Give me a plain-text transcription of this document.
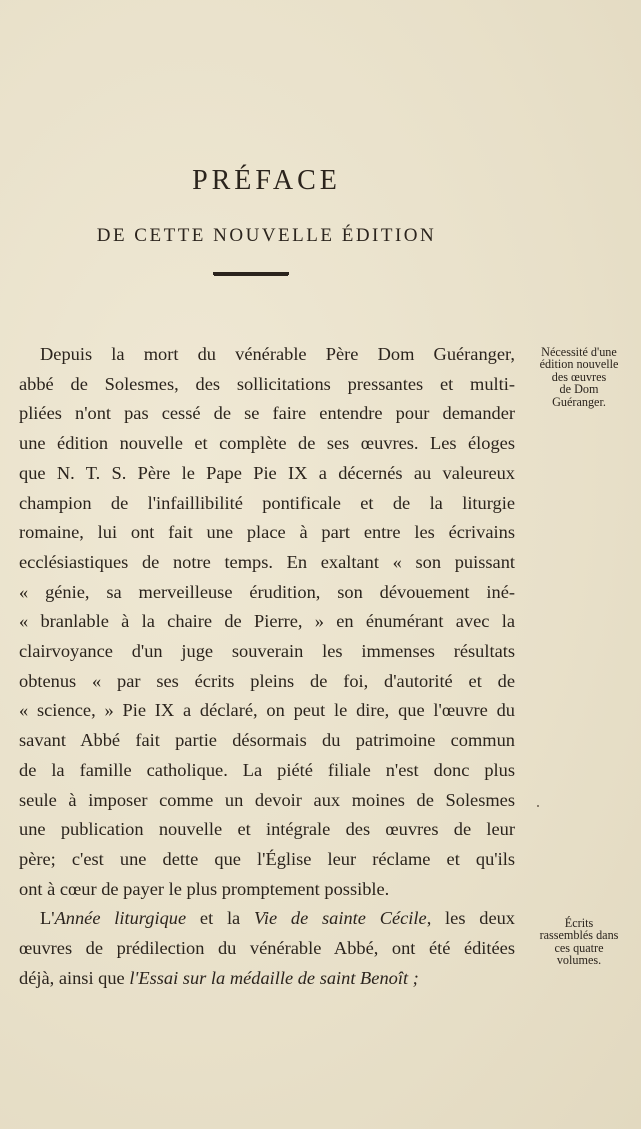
PRÉFACE
DE CETTE NOUVELLE ÉDITION
Depuis la mort du vénérable Père Dom Guéranger,
abbé de Solesmes, des sollicitations pressantes et multi-
pliées n'ont pas cessé de se faire entendre pour demander
une édition nouvelle et complète de ses œuvres. Les éloges
que N. T. S. Père le Pape Pie IX a décernés au valeureux
champion de l'infaillibilité pontificale et de la liturgie
romaine, lui ont fait une place à part entre les écrivains
ecclésiastiques de notre temps. En exaltant « son puissant
« génie, sa merveilleuse érudition, son dévouement iné-
« branlable à la chaire de Pierre, » en énumérant avec la
clairvoyance d'un juge souverain les immenses résultats
obtenus « par ses écrits pleins de foi, d'autorité et de
« science, » Pie IX a déclaré, on peut le dire, que l'œuvre du
savant Abbé fait partie désormais du patrimoine commun
de la famille catholique. La piété filiale n'est donc plus
seule à imposer comme un devoir aux moines de Solesmes
une publication nouvelle et intégrale des œuvres de leur
père; c'est une dette que l'Église leur réclame et qu'ils
ont à cœur de payer le plus promptement possible.
L'Année liturgique et la Vie de sainte Cécile, les deux
œuvres de prédilection du vénérable Abbé, ont été éditées
déjà, ainsi que l'Essai sur la médaille de saint Benoît ;
Nécessité d'une
édition nouvelle
des œuvres
de Dom
Guéranger.
Écrits
rassemblés dans
ces quatre
volumes.
